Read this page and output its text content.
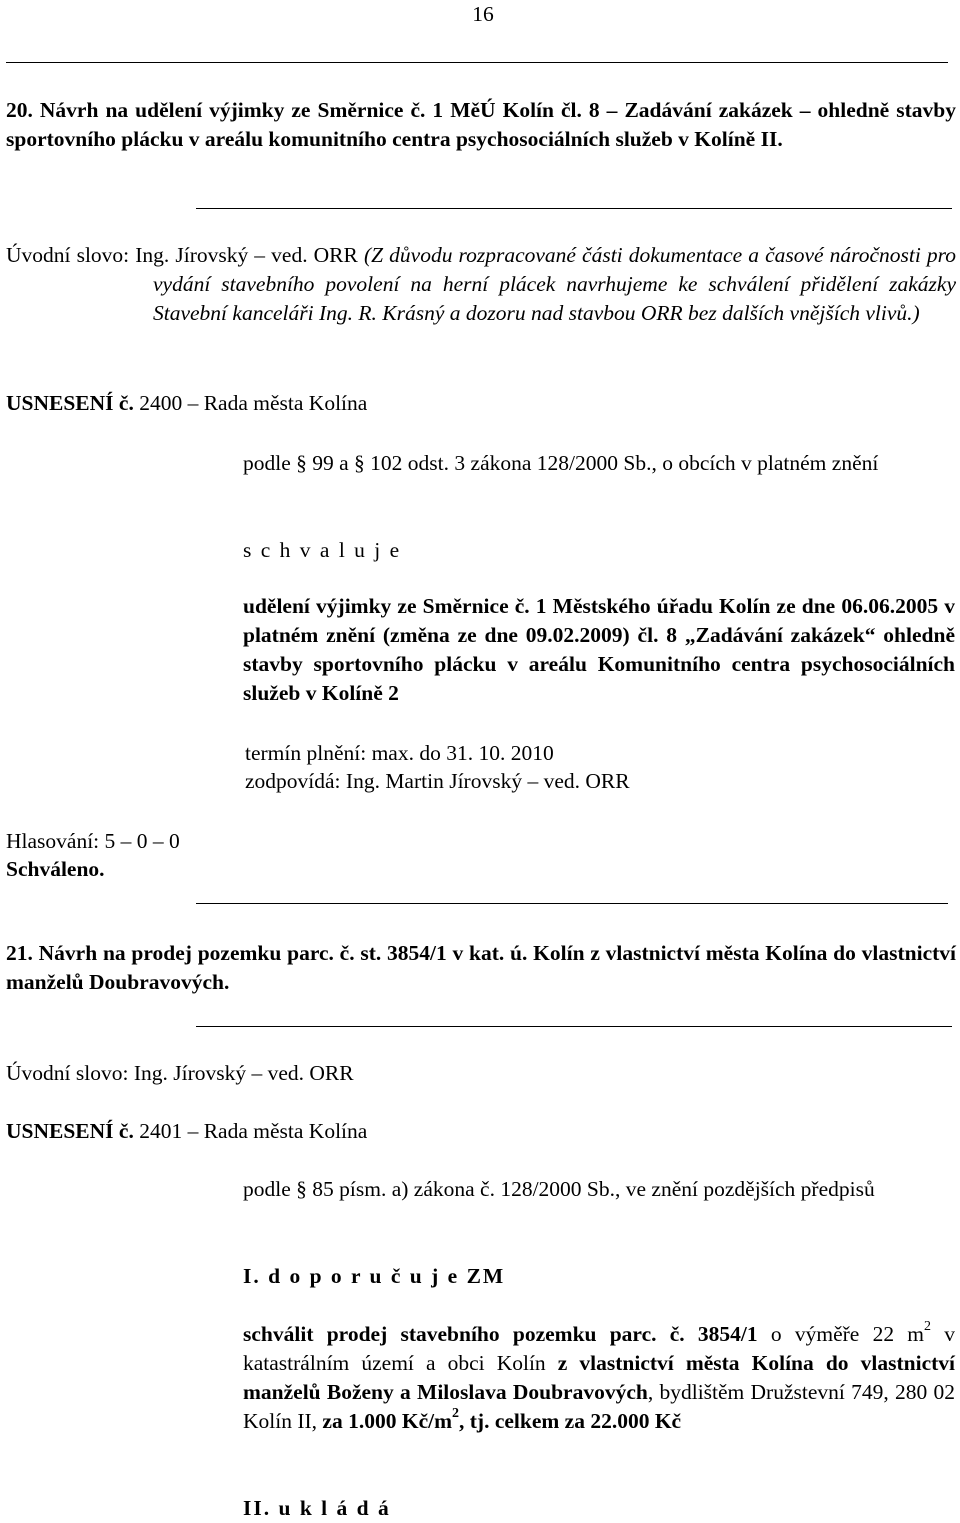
16
20. Návrh na udělení výjimky ze Směrnice č. 1 MěÚ Kolín čl. 8 – Zadávání zakázek – ohledně stavby sportovního plácku v areálu komunitního centra psychosociálních služeb v Kolíně II.
Úvodní slovo: Ing. Jírovský – ved. ORR (Z důvodu rozpracované části dokumentace a časové náročnosti pro vydání stavebního povolení na herní plácek navrhujeme ke schválení přidělení zakázky Stavební kanceláři Ing. R. Krásný a dozoru nad stavbou ORR bez dalších vnějších vlivů.)
USNESENÍ č. 2400 – Rada města Kolína
podle § 99 a § 102 odst. 3 zákona 128/2000 Sb., o obcích v platném znění
s c h v a l u j e
udělení výjimky ze Směrnice č. 1 Městského úřadu Kolín ze dne 06.06.2005 v platném znění (změna ze dne 09.02.2009) čl. 8 „Zadávání zakázek“ ohledně stavby sportovního plácku v areálu Komunitního centra psychosociálních služeb v Kolíně 2
termín plnění: max. do 31. 10. 2010
zodpovídá: Ing. Martin Jírovský – ved. ORR
Hlasování: 5 – 0 – 0
Schváleno.
21. Návrh na prodej pozemku parc. č. st. 3854/1 v kat. ú. Kolín z vlastnictví města Kolína do vlastnictví manželů Doubravových.
Úvodní slovo: Ing. Jírovský – ved. ORR
USNESENÍ č. 2401 – Rada města Kolína
podle § 85 písm. a) zákona č. 128/2000 Sb., ve znění pozdějších předpisů
I. d o p o r u č u j e ZM
schválit prodej stavebního pozemku parc. č. 3854/1 o výměře 22 $m^2$ v katastrálním území a obci Kolín z vlastnictví města Kolína do vlastnictví manželů Boženy a Miloslava Doubravových, bydlištěm Družstevní 749, 280 02 Kolín II, za 1.000 $Kč/m^2$, tj. celkem za 22.000 Kč
II. u k l á d á
